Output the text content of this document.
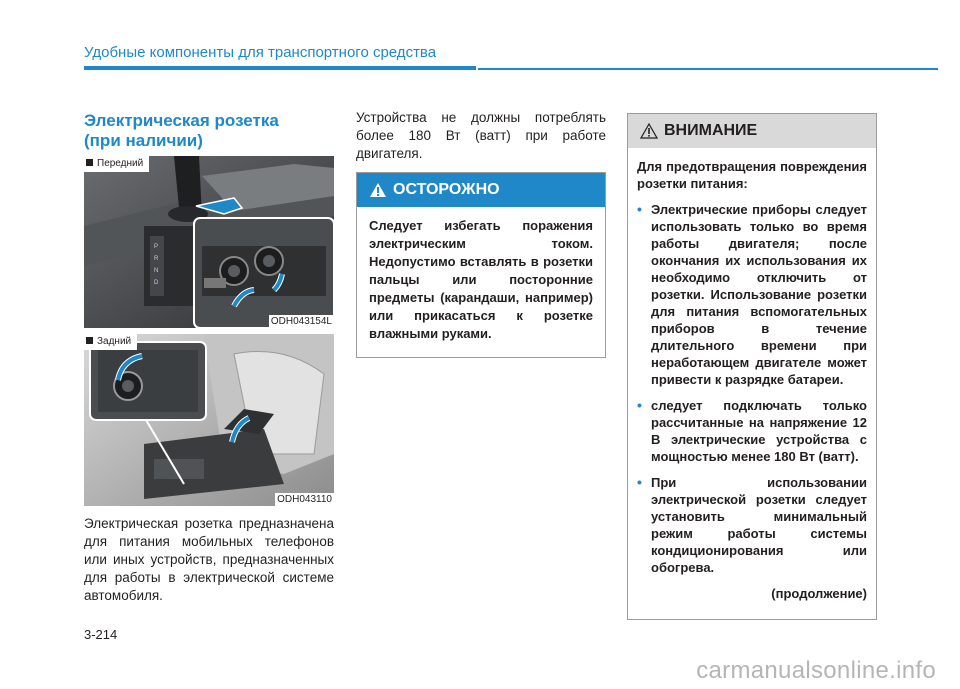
Удобные компоненты для транспортного средства
Электрическая розетка
(при наличии)
P
R
N
D
Передний
ODH043154L
Задний
ODH043110
Электрическая розетка предназначена для питания мобильных телефонов или иных устройств, предназначенных для работы в электрической системе автомобиля.
Устройства не должны потреблять более 180 Вт (ватт) при работе двигателя.
ОСТОРОЖНО
Следует избегать поражения электрическим током. Недопустимо вставлять в розетки пальцы или посторонние предметы (карандаши, например) или прикасаться к розетке влажными руками.
ВНИМАНИЕ

Для предотвращения повреждения розетки питания:

• Электрические приборы следует использовать только во время работы двигателя; после окончания их использования их необходимо отключить от розетки. Использование розетки для питания вспомогательных приборов в течение длительного времени при неработающем двигателе может привести к разрядке батареи.
• следует подключать только рассчитанные на напряжение 12 В электрические устройства с мощностью менее 180 Вт (ватт).
• При использовании электрической розетки следует установить минимальный режим работы системы кондиционирования или обогрева.
(продолжение)
3-214
carmanualsonline.info
